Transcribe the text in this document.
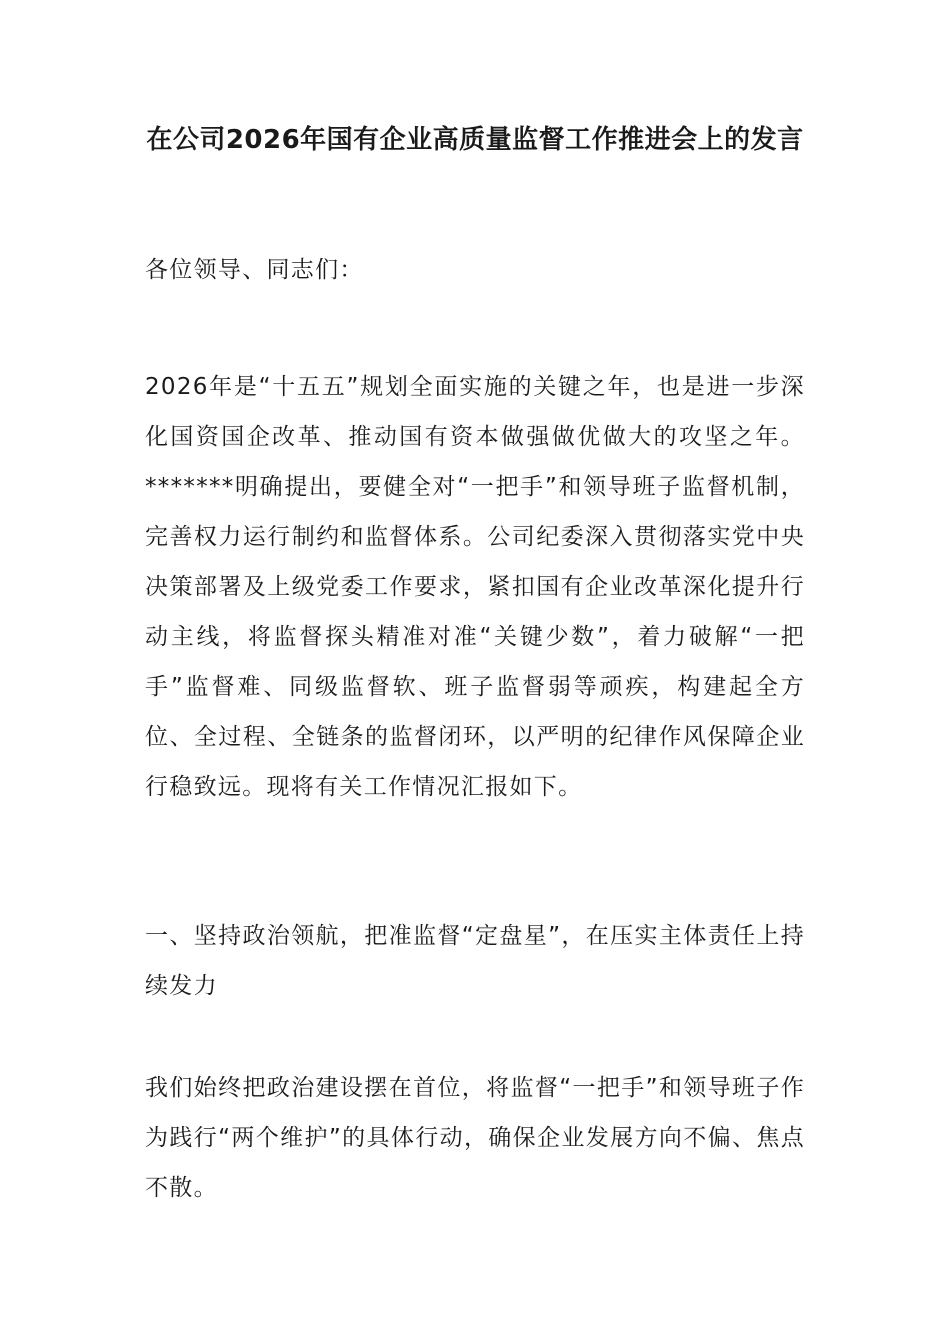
在公司2026年国有企业高质量监督工作推进会上的发言

各位领导、同志们：

2026年是“十五五”规划全面实施的关键之年，也是进一步深化国资国企改革、推动国有资本做强做优做大的攻坚之年。*******明确提出，要健全对“一把手”和领导班子监督机制，完善权力运行制约和监督体系。公司纪委深入贯彻落实党中央决策部署及上级党委工作要求，紧扣国有企业改革深化提升行动主线，将监督探头精准对准“关键少数”，着力破解“一把手”监督难、同级监督软、班子监督弱等顽疾，构建起全方位、全过程、全链条的监督闭环，以严明的纪律作风保障企业行稳致远。现将有关工作情况汇报如下。

一、坚持政治领航，把准监督“定盘星”，在压实主体责任上持续发力

我们始终把政治建设摆在首位，将监督“一把手”和领导班子作为践行“两个维护”的具体行动，确保企业发展方向不偏、焦点不散。
